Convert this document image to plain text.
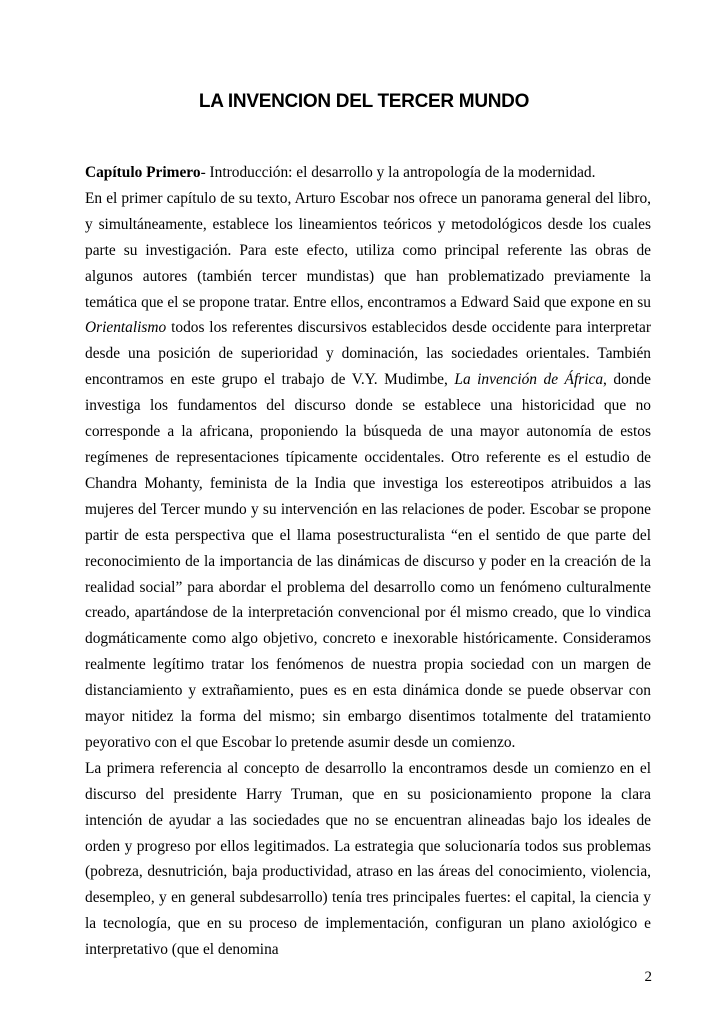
LA INVENCION DEL TERCER MUNDO

Capítulo Primero- Introducción: el desarrollo y la antropología de la modernidad.

En el primer capítulo de su texto, Arturo Escobar nos ofrece un panorama general del libro, y simultáneamente, establece los lineamientos teóricos y metodológicos desde los cuales parte su investigación. Para este efecto, utiliza como principal referente las obras de algunos autores (también tercer mundistas) que han problematizado previamente la temática que el se propone tratar. Entre ellos, encontramos a Edward Said que expone en su Orientalismo todos los referentes discursivos establecidos desde occidente para interpretar desde una posición de superioridad y dominación, las sociedades orientales. También encontramos en este grupo el trabajo de V.Y. Mudimbe, La invención de África, donde investiga los fundamentos del discurso donde se establece una historicidad que no corresponde a la africana, proponiendo la búsqueda de una mayor autonomía de estos regímenes de representaciones típicamente occidentales. Otro referente es el estudio de Chandra Mohanty, feminista de la India que investiga los estereotipos atribuidos a las mujeres del Tercer mundo y su intervención en las relaciones de poder. Escobar se propone partir de esta perspectiva que el llama posestructuralista “en el sentido de que parte del reconocimiento de la importancia de las dinámicas de discurso y poder en la creación de la realidad social” para abordar el problema del desarrollo como un fenómeno culturalmente creado, apartándose de la interpretación convencional por él mismo creado, que lo vindica dogmáticamente como algo objetivo, concreto e inexorable históricamente. Consideramos realmente legítimo tratar los fenómenos de nuestra propia sociedad con un margen de distanciamiento y extrañamiento, pues es en esta dinámica donde se puede observar con mayor nitidez la forma del mismo; sin embargo disentimos totalmente del tratamiento peyorativo con el que Escobar lo pretende asumir desde un comienzo.

La primera referencia al concepto de desarrollo la encontramos desde un comienzo en el discurso del presidente Harry Truman, que en su posicionamiento propone la clara intención de ayudar a las sociedades que no se encuentran alineadas bajo los ideales de orden y progreso por ellos legitimados. La estrategia que solucionaría todos sus problemas (pobreza, desnutrición, baja productividad, atraso en las áreas del conocimiento, violencia, desempleo, y en general subdesarrollo) tenía tres principales fuertes: el capital, la ciencia y la tecnología, que en su proceso de implementación, configuran un plano axiológico e interpretativo (que el denomina

2
